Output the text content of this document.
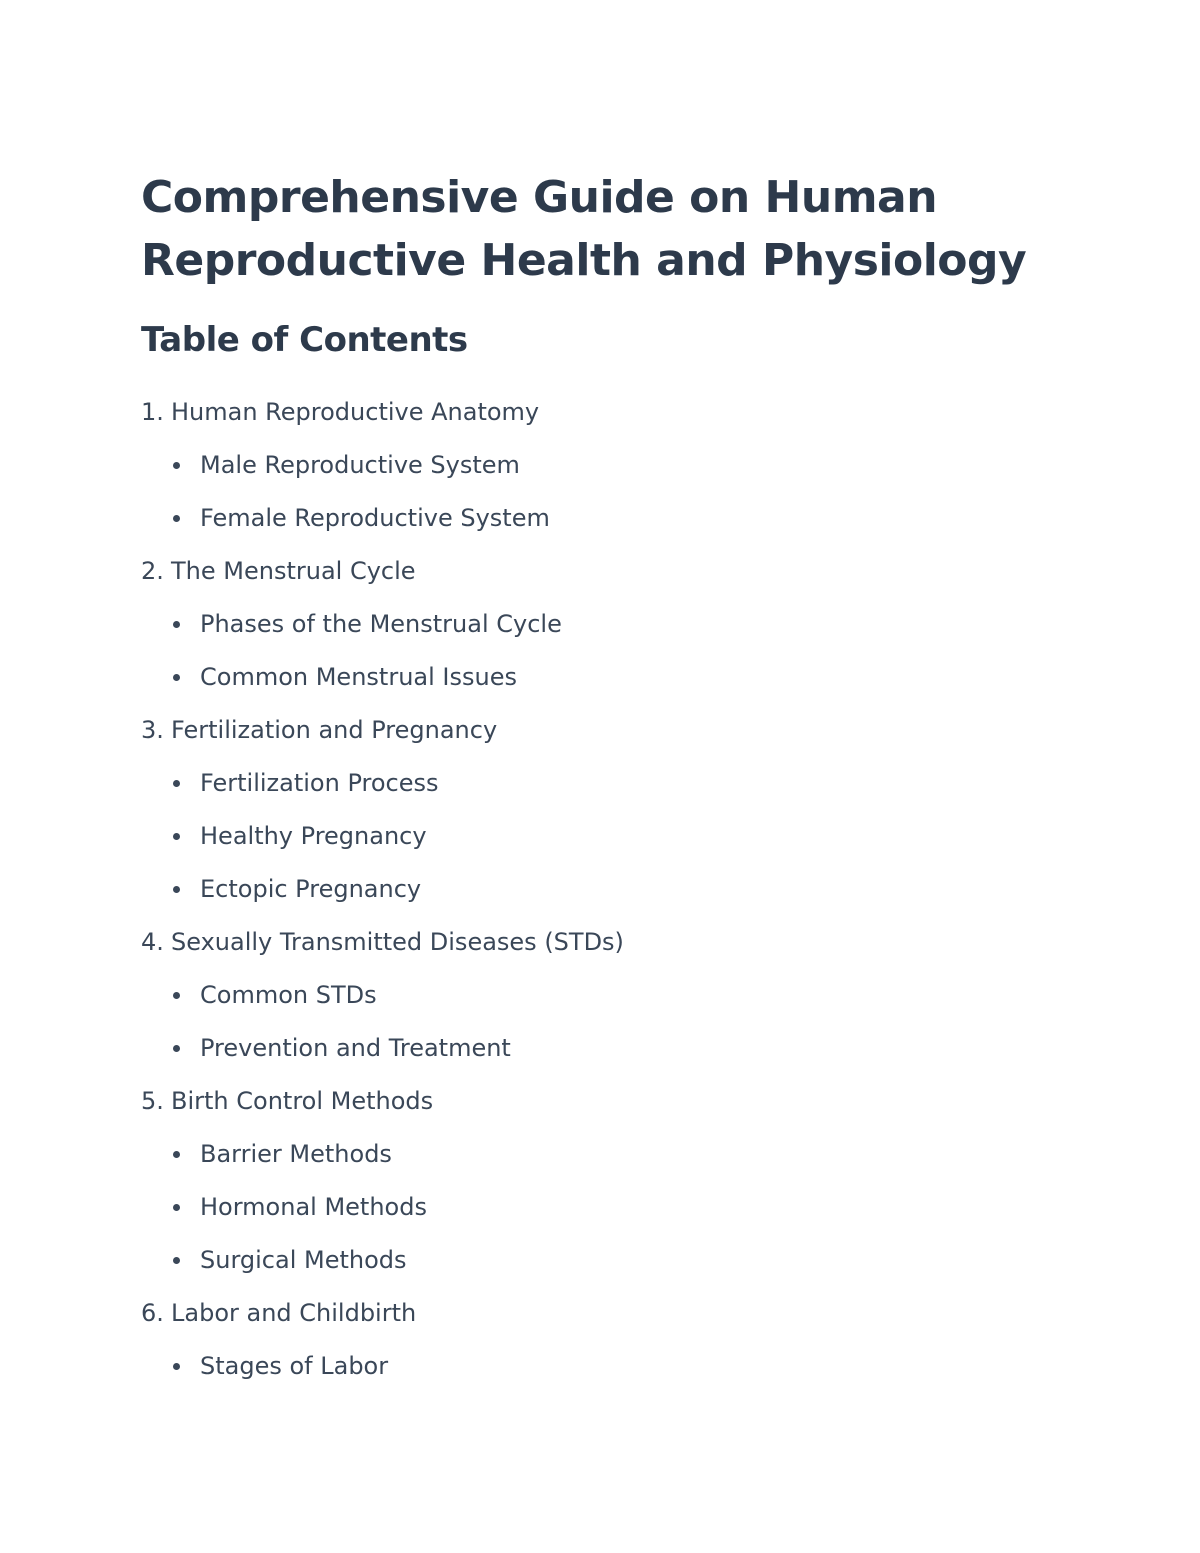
Comprehensive Guide on Human
Reproductive Health and Physiology
Table of Contents
1. Human Reproductive Anatomy
Male Reproductive System
Female Reproductive System
2. The Menstrual Cycle
Phases of the Menstrual Cycle
Common Menstrual Issues
3. Fertilization and Pregnancy
Fertilization Process
Healthy Pregnancy
Ectopic Pregnancy
4. Sexually Transmitted Diseases (STDs)
Common STDs
Prevention and Treatment
5. Birth Control Methods
Barrier Methods
Hormonal Methods
Surgical Methods
6. Labor and Childbirth
Stages of Labor
